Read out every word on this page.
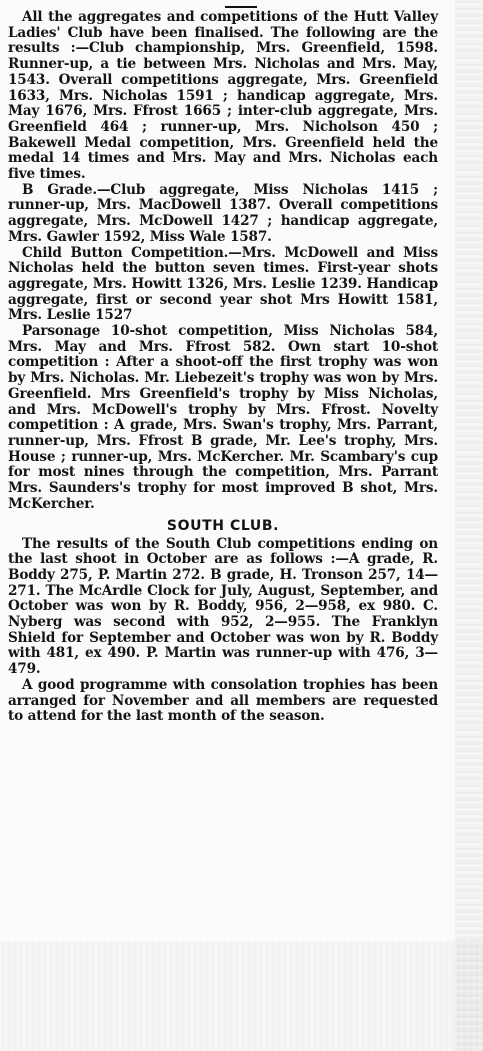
All the aggregates and competitions of the Hutt Valley Ladies' Club have been finalised. The following are the results :—Club championship, Mrs. Greenfield, 1598. Runner-up, a tie between Mrs. Nicholas and Mrs. May, 1543. Overall competitions aggregate, Mrs. Greenfield 1633, Mrs. Nicholas 1591 ; handicap aggregate, Mrs. May 1676, Mrs. Ffrost 1665 ; inter-club aggregate, Mrs. Greenfield 464 ; runner-up, Mrs. Nicholson 450 ; Bakewell Medal competition, Mrs. Greenfield held the medal 14 times and Mrs. May and Mrs. Nicholas each five times.

B Grade.—Club aggregate, Miss Nicholas 1415 ; runner-up, Mrs. MacDowell 1387. Overall competitions aggregate, Mrs. McDowell 1427 ; handicap aggregate, Mrs. Gawler 1592, Miss Wale 1587.

Child Button Competition.—Mrs. McDowell and Miss Nicholas held the button seven times. First-year shots aggregate, Mrs. Howitt 1326, Mrs. Leslie 1239. Handicap aggregate, first or second year shot Mrs Howitt 1581, Mrs. Leslie 1527

Parsonage 10-shot competition, Miss Nicholas 584, Mrs. May and Mrs. Ffrost 582. Own start 10-shot competition : After a shoot-off the first trophy was won by Mrs. Nicholas. Mr. Liebezeit's trophy was won by Mrs. Greenfield. Mrs Greenfield's trophy by Miss Nicholas, and Mrs. McDowell's trophy by Mrs. Ffrost. Novelty competition : A grade, Mrs. Swan's trophy, Mrs. Parrant, runner-up, Mrs. Ffrost B grade, Mr. Lee's trophy, Mrs. House ; runner-up, Mrs. McKercher. Mr. Scambary's cup for most nines through the competition, Mrs. Parrant Mrs. Saunders's trophy for most improved B shot, Mrs. McKercher.

SOUTH CLUB.

The results of the South Club competitions ending on the last shoot in October are as follows :—A grade, R. Boddy 275, P. Martin 272. B grade, H. Tronson 257, 14—271. The McArdle Clock for July, August, September, and October was won by R. Boddy, 956, 2—958, ex 980. C. Nyberg was second with 952, 2—955. The Franklyn Shield for September and October was won by R. Boddy with 481, ex 490. P. Martin was runner-up with 476, 3—479.

A good programme with consolation trophies has been arranged for November and all members are requested to attend for the last month of the season.
